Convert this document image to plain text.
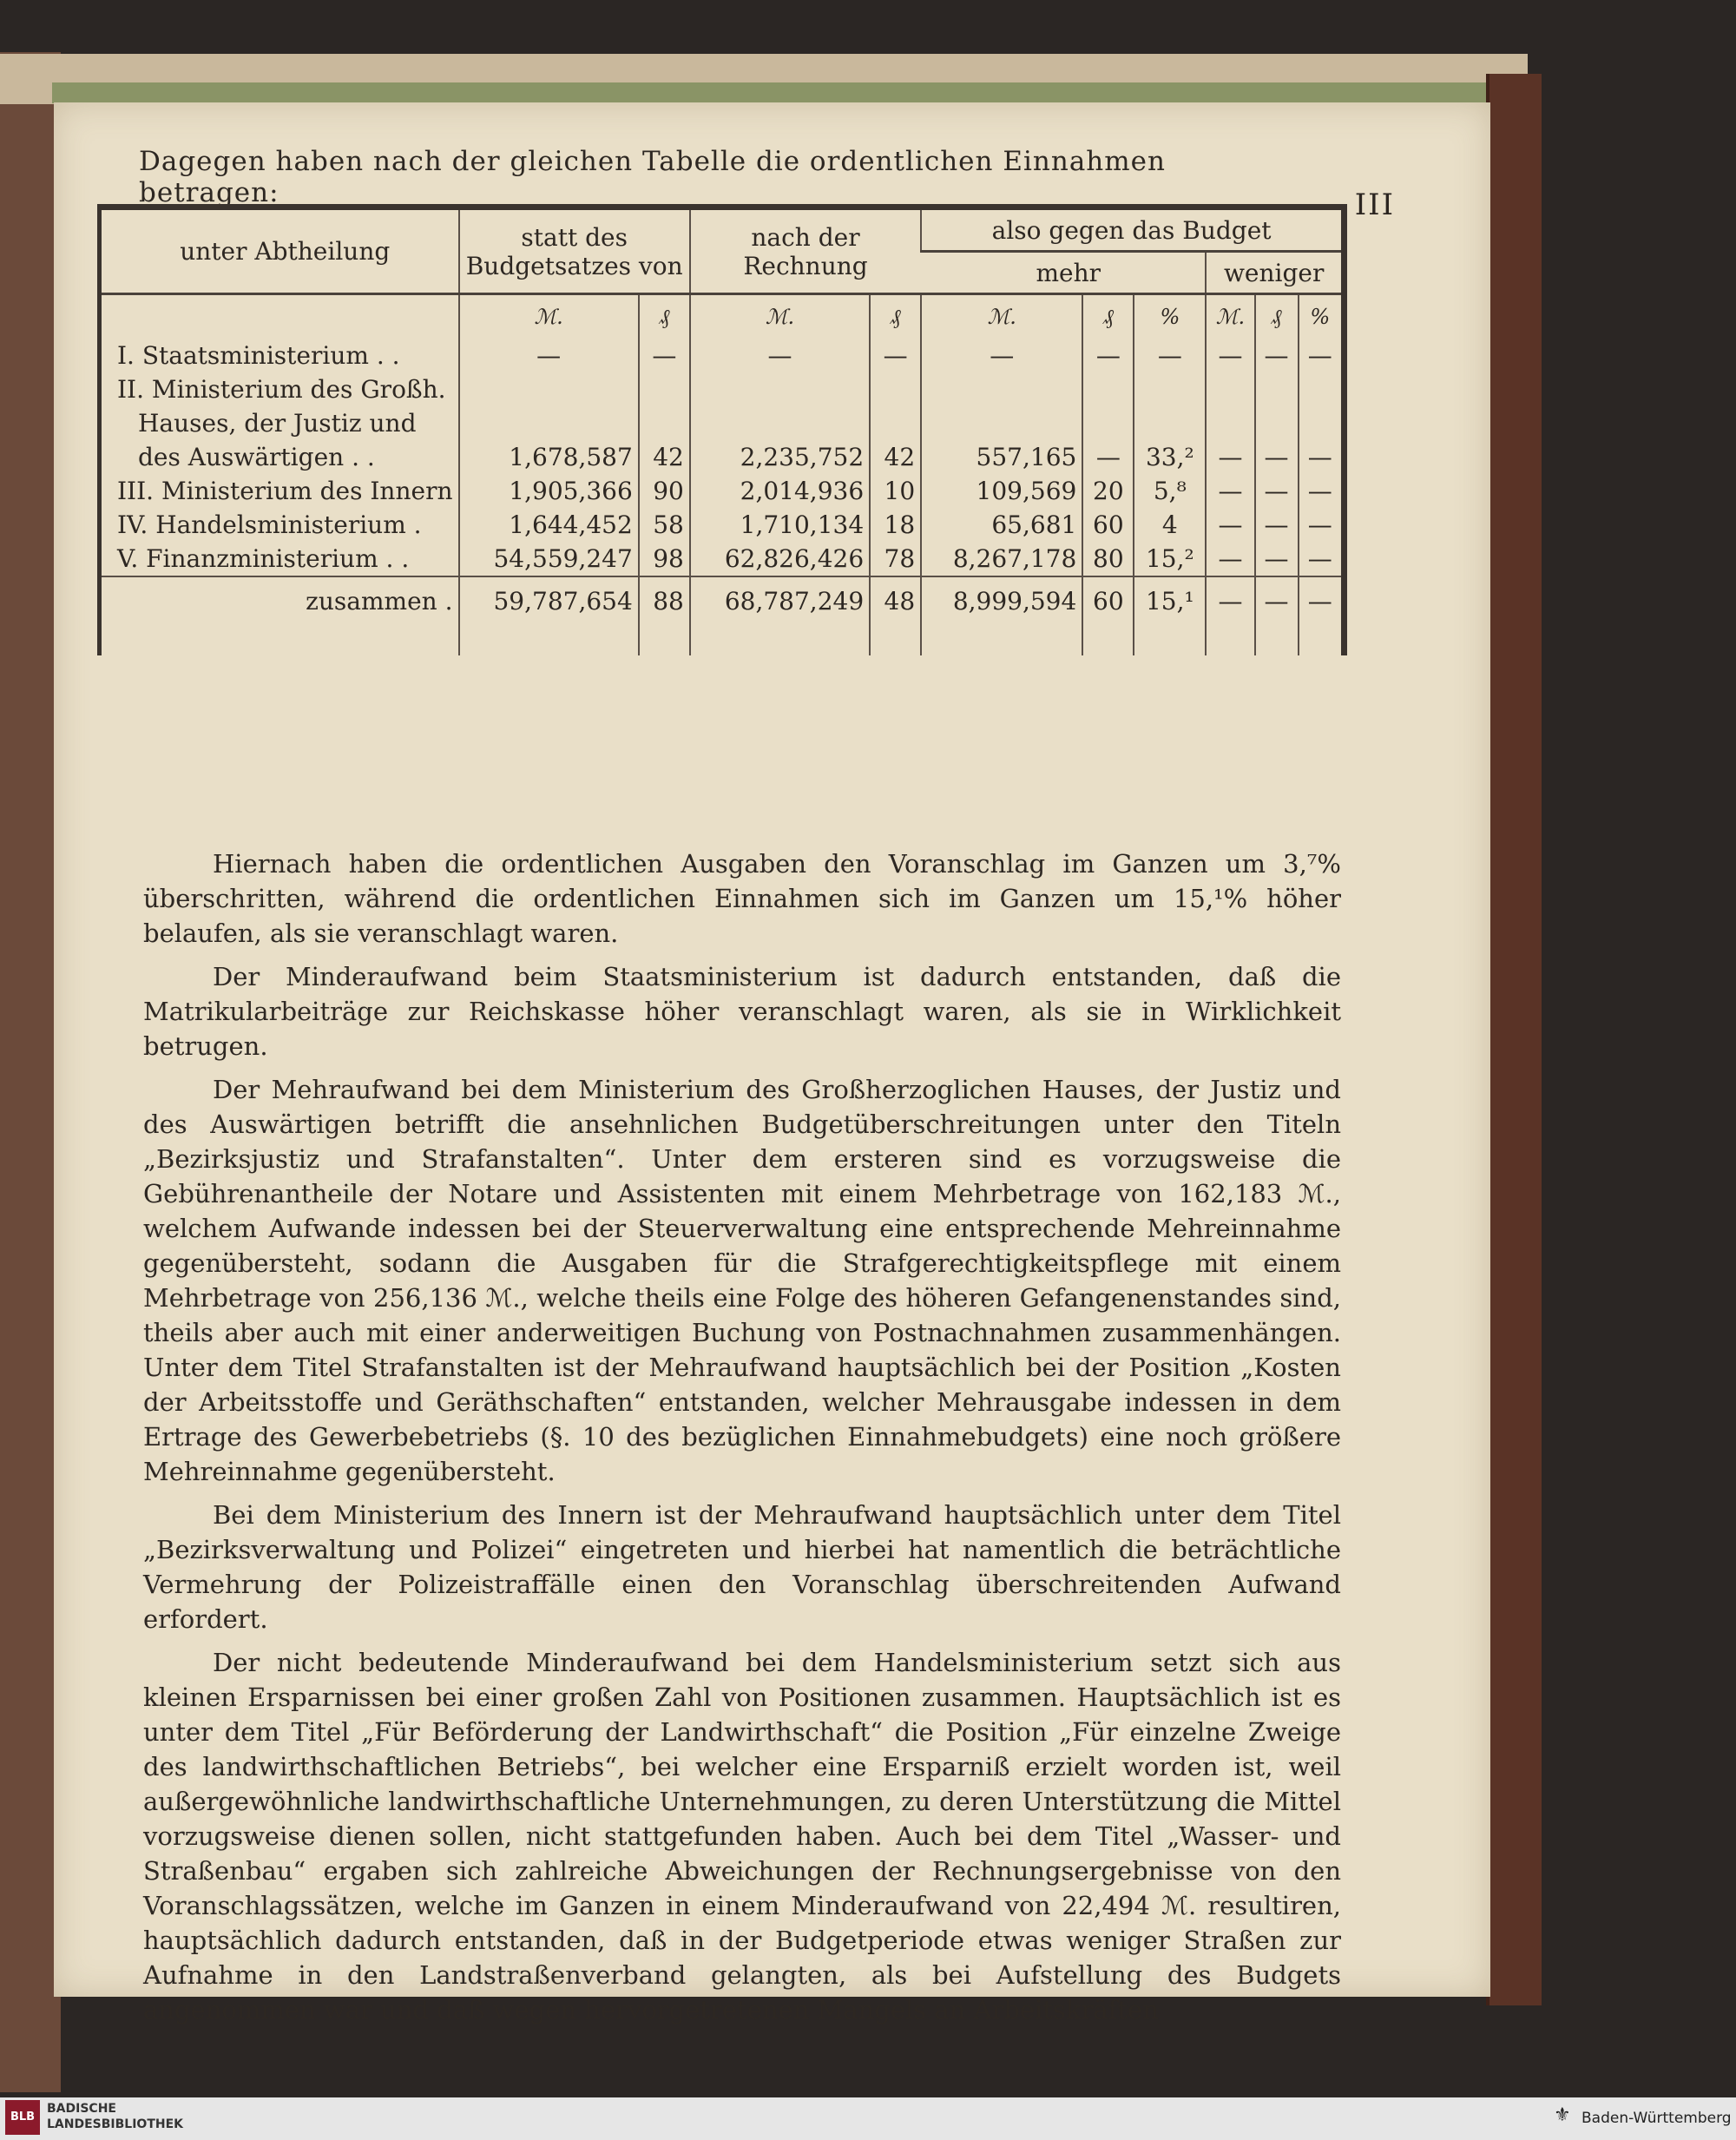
III
Dagegen haben nach der gleichen Tabelle die ordentlichen Einnahmen betragen:
unter Abtheilung	statt des Budgetsatzes von		nach der Rechnung		also gegen das Budget					
					mehr			weniger		
	ℳ.	₰	ℳ.	₰	ℳ.	₰	%	ℳ.	₰	%
I. Staatsministerium . .	—	—	—	—	—	—	—	—	—	—
II. Ministerium des Großh.										
Hauses, der Justiz und										
des Auswärtigen . .	1,678,587	42	2,235,752	42	557,165	—	33,²	—	—	—
III. Ministerium des Innern	1,905,366	90	2,014,936	10	109,569	20	5,⁸	—	—	—
IV. Handelsministerium .	1,644,452	58	1,710,134	18	65,681	60	4	—	—	—
V. Finanzministerium . .	54,559,247	98	62,826,426	78	8,267,178	80	15,²	—	—	—
zusammen .	59,787,654	88	68,787,249	48	8,999,594	60	15,¹	—	—	—

Hiernach haben die ordentlichen Ausgaben den Voranschlag im Ganzen um 3,⁷% überschritten, während die ordentlichen Einnahmen sich im Ganzen um 15,¹% höher belaufen, als sie veranschlagt waren.

Der Minderaufwand beim Staatsministerium ist dadurch entstanden, daß die Matrikularbeiträge zur Reichskasse höher veranschlagt waren, als sie in Wirklichkeit betrugen.

Der Mehraufwand bei dem Ministerium des Großherzoglichen Hauses, der Justiz und des Auswärtigen betrifft die ansehnlichen Budgetüberschreitungen unter den Titeln „Bezirksjustiz und Strafanstalten“. Unter dem ersteren sind es vorzugsweise die Gebührenantheile der Notare und Assistenten mit einem Mehrbetrage von 162,183 ℳ., welchem Aufwande indessen bei der Steuerverwaltung eine entsprechende Mehreinnahme gegenübersteht, sodann die Ausgaben für die Strafgerechtigkeitspflege mit einem Mehrbetrage von 256,136 ℳ., welche theils eine Folge des höheren Gefangenenstandes sind, theils aber auch mit einer anderweitigen Buchung von Postnachnahmen zusammenhängen. Unter dem Titel Strafanstalten ist der Mehraufwand hauptsächlich bei der Position „Kosten der Arbeitsstoffe und Geräthschaften“ entstanden, welcher Mehrausgabe indessen in dem Ertrage des Gewerbebetriebs (§. 10 des bezüglichen Einnahmebudgets) eine noch größere Mehreinnahme gegenübersteht.

Bei dem Ministerium des Innern ist der Mehraufwand hauptsächlich unter dem Titel „Bezirksverwaltung und Polizei“ eingetreten und hierbei hat namentlich die beträchtliche Vermehrung der Polizeistraffälle einen den Voranschlag überschreitenden Aufwand erfordert.

Der nicht bedeutende Minderaufwand bei dem Handelsministerium setzt sich aus kleinen Ersparnissen bei einer großen Zahl von Positionen zusammen. Hauptsächlich ist es unter dem Titel „Für Beförderung der Landwirthschaft“ die Position „Für einzelne Zweige des landwirthschaftlichen Betriebs“, bei welcher eine Ersparniß erzielt worden ist, weil außergewöhnliche landwirthschaftliche Unternehmungen, zu deren Unterstützung die Mittel vorzugsweise dienen sollen, nicht stattgefunden haben. Auch bei dem Titel „Wasser- und Straßenbau“ ergaben sich zahlreiche Abweichungen der Rechnungsergebnisse von den Voranschlagssätzen, welche im Ganzen in einem Minderaufwand von 22,494 ℳ. resultiren, hauptsächlich dadurch entstanden, daß in der Budgetperiode etwas weniger Straßen zur Aufnahme in den Landstraßenverband gelangten, als bei Aufstellung des Budgets angenommen war und daß wegen hervorgetretenen Mangels an Arbeitskräften

BLB
BADISCHE
LANDESBIBLIOTHEK	⚜ Baden-Württemberg
